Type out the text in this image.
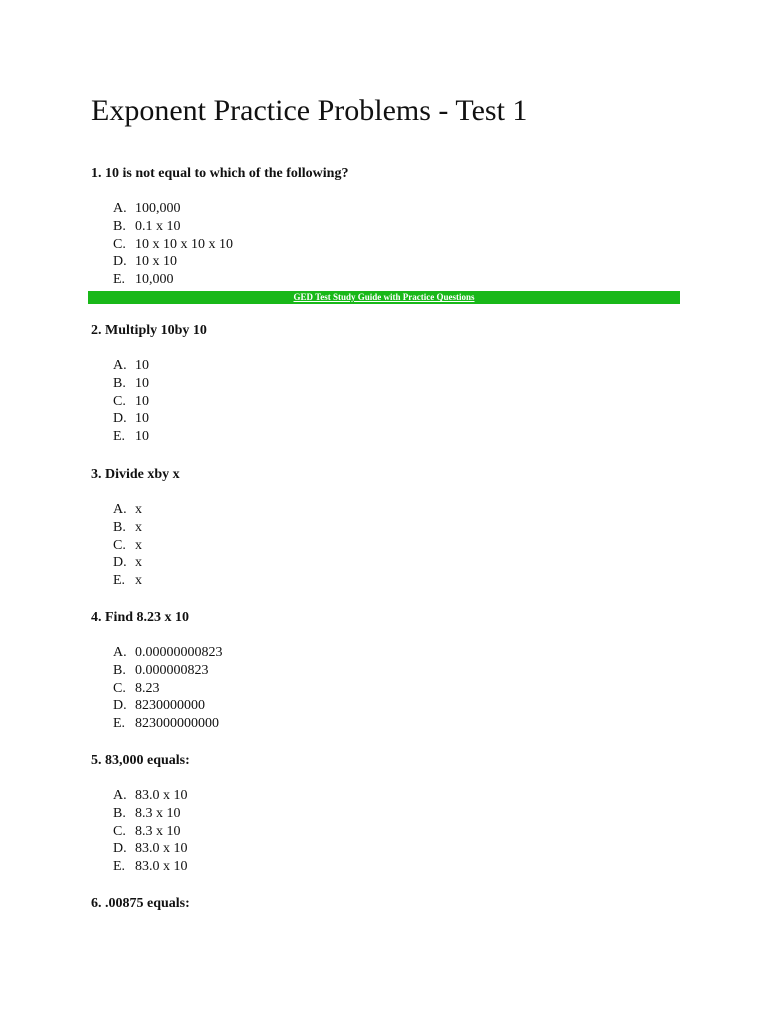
Exponent Practice Problems - Test 1
GED Test Study Guide with Practice Questions

1. 10 is not equal to which of the following?

A. 100,000
B. 0.1 x 10
C. 10 x 10 x 10 x 10
D. 10 x 10
E. 10,000

2. Multiply 10by 10

A. 10
B. 10
C. 10
D. 10
E. 10

3. Divide xby x

A. x
B. x
C. x
D. x
E. x

4. Find 8.23 x 10

A. 0.00000000823
B. 0.000000823
C. 8.23
D. 8230000000
E. 823000000000

5. 83,000 equals:

A. 83.0 x 10
B. 8.3 x 10
C. 8.3 x 10
D. 83.0 x 10
E. 83.0 x 10

6. .00875 equals:
